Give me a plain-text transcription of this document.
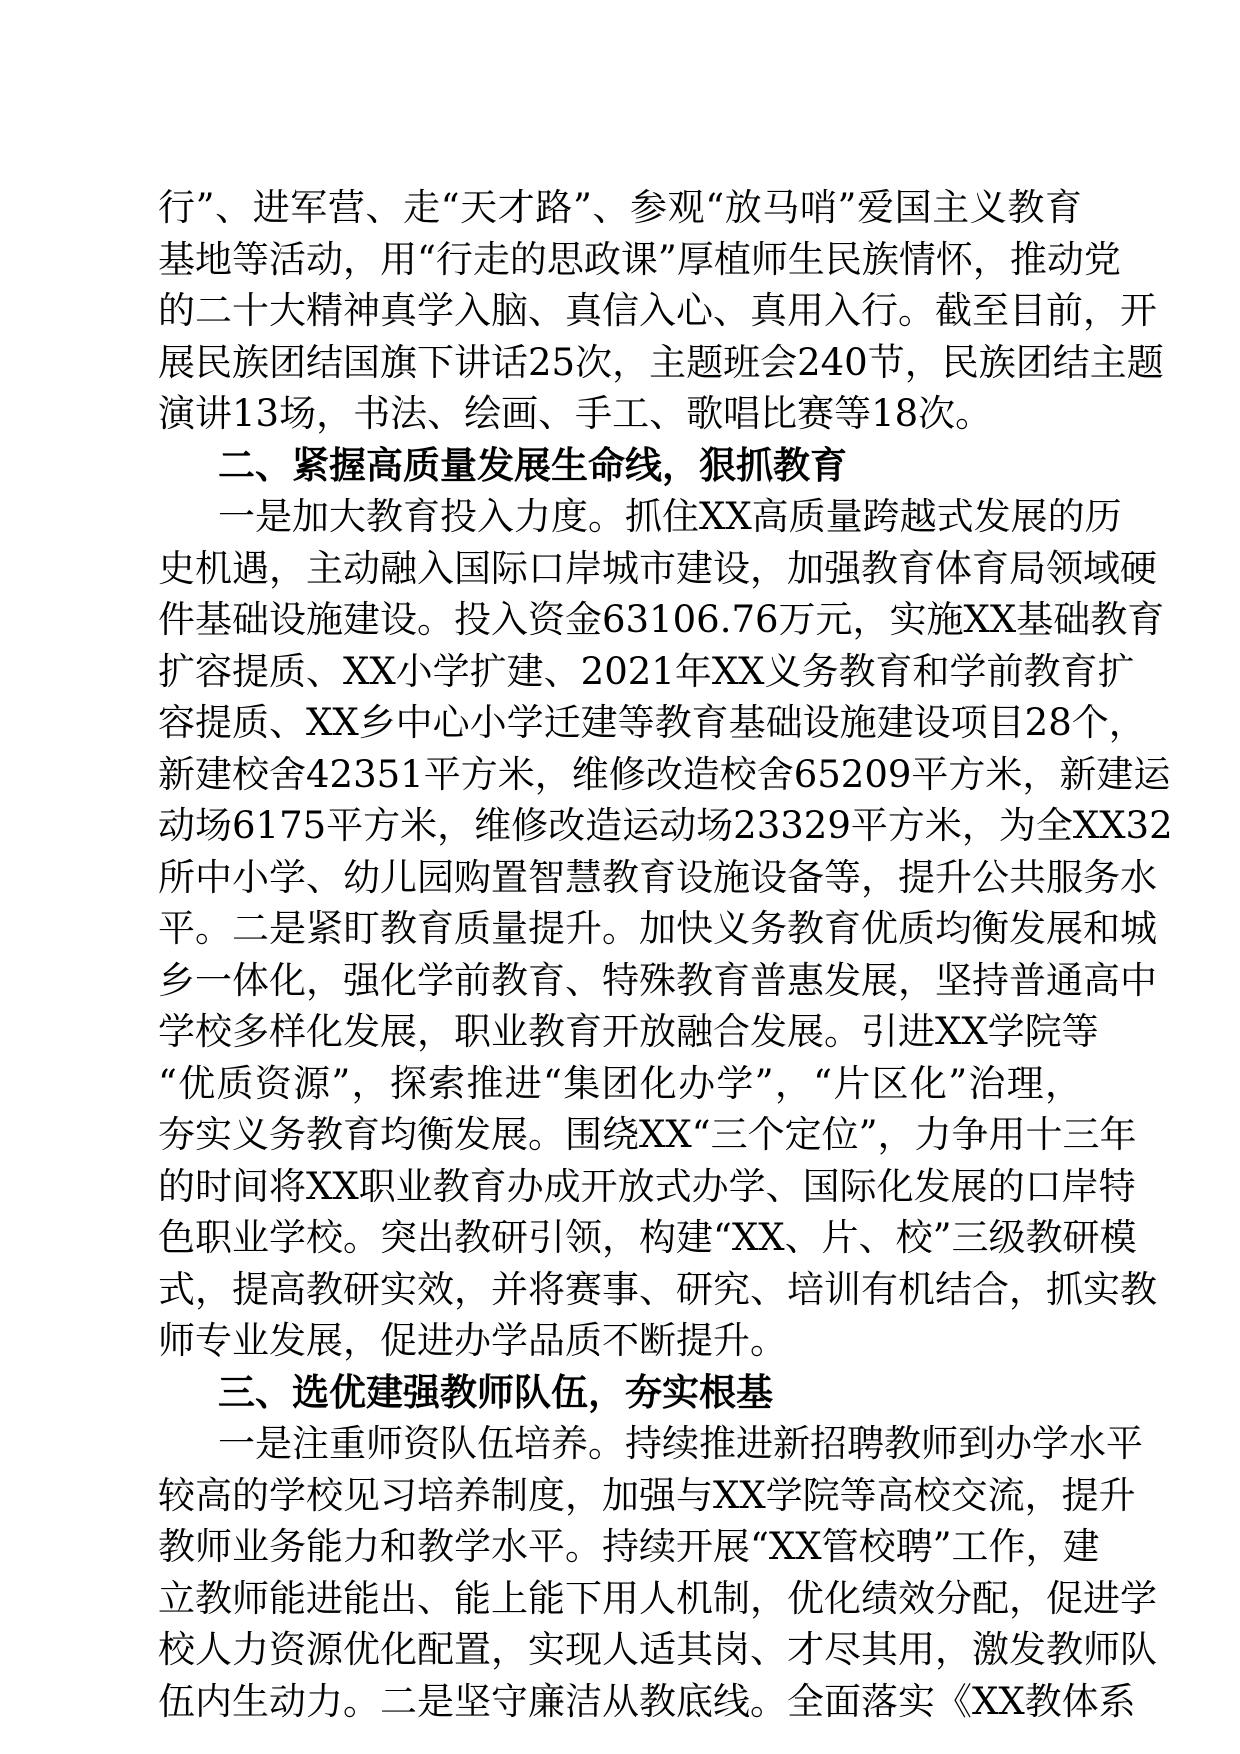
行”、进军营、走“天才路”、参观“放马哨”爱国主义教育
基地等活动，用“行走的思政课”厚植师生民族情怀，推动党
的二十大精神真学入脑、真信入心、真用入行。截至目前，开
展民族团结国旗下讲话25次，主题班会240节，民族团结主题
演讲13场，书法、绘画、手工、歌唱比赛等18次。
二、紧握高质量发展生命线，狠抓教育
一是加大教育投入力度。抓住XX高质量跨越式发展的历
史机遇，主动融入国际口岸城市建设，加强教育体育局领域硬
件基础设施建设。投入资金63106.76万元，实施XX基础教育
扩容提质、XX小学扩建、2021年XX义务教育和学前教育扩
容提质、XX乡中心小学迁建等教育基础设施建设项目28个，
新建校舍42351平方米，维修改造校舍65209平方米，新建运
动场6175平方米，维修改造运动场23329平方米，为全XX32
所中小学、幼儿园购置智慧教育设施设备等，提升公共服务水
平。二是紧盯教育质量提升。加快义务教育优质均衡发展和城
乡一体化，强化学前教育、特殊教育普惠发展，坚持普通高中
学校多样化发展，职业教育开放融合发展。引进XX学院等
“优质资源”，探索推进“集团化办学”，“片区化”治理，
夯实义务教育均衡发展。围绕XX“三个定位”，力争用十三年
的时间将XX职业教育办成开放式办学、国际化发展的口岸特
色职业学校。突出教研引领，构建“XX、片、校”三级教研模
式，提高教研实效，并将赛事、研究、培训有机结合，抓实教
师专业发展，促进办学品质不断提升。
三、选优建强教师队伍，夯实根基
一是注重师资队伍培养。持续推进新招聘教师到办学水平
较高的学校见习培养制度，加强与XX学院等高校交流，提升
教师业务能力和教学水平。持续开展“XX管校聘”工作，建
立教师能进能出、能上能下用人机制，优化绩效分配，促进学
校人力资源优化配置，实现人适其岗、才尽其用，激发教师队
伍内生动力。二是坚守廉洁从教底线。全面落实《XX教体系
